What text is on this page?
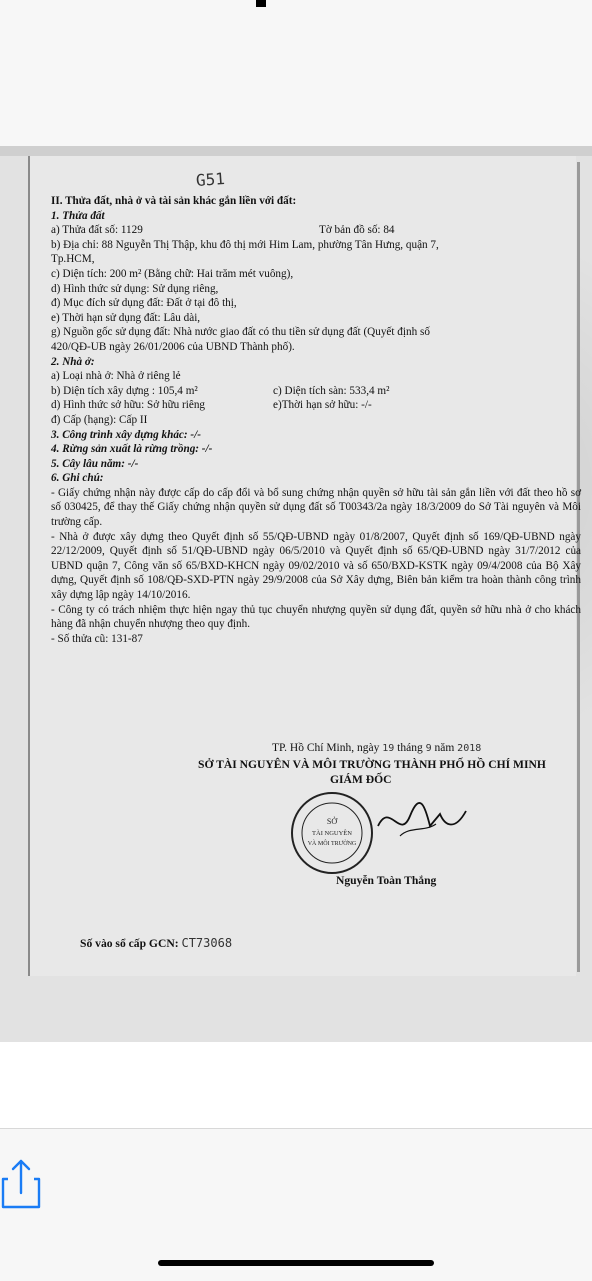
G51
II. Thửa đất, nhà ở và tài sản khác gắn liền với đất:
1. Thửa đất
a) Thửa đất số: 1129	Tờ bản đồ số: 84
b) Địa chỉ: 88 Nguyễn Thị Thập, khu đô thị mới Him Lam, phường Tân Hưng, quận 7,
Tp.HCM,
c) Diện tích: 200 m² (Bằng chữ: Hai trăm mét vuông),
d) Hình thức sử dụng: Sử dụng riêng,
đ) Mục đích sử dụng đất: Đất ở tại đô thị,
e) Thời hạn sử dụng đất: Lâu dài,
g) Nguồn gốc sử dụng đất: Nhà nước giao đất có thu tiền sử dụng đất (Quyết định số
420/QĐ-UB ngày 26/01/2006 của UBND Thành phố).
2. Nhà ở:
a) Loại nhà ở: Nhà ở riêng lẻ
b) Diện tích xây dựng : 105,4 m²	c) Diện tích sàn: 533,4 m²
d) Hình thức sở hữu: Sở hữu riêng	e)Thời hạn sở hữu: -/-
đ) Cấp (hạng): Cấp II
3. Công trình xây dựng khác: -/-
4. Rừng sản xuất là rừng trồng: -/-
5. Cây lâu năm: -/-
6. Ghi chú:
- Giấy chứng nhận này được cấp do cấp đổi và bổ sung chứng nhận quyền sở hữu tài sản gắn liền với đất theo hồ sơ số 030425, để thay thế Giấy chứng nhận quyền sử dụng đất số T00343/2a ngày 18/3/2009 do Sở Tài nguyên và Môi trường cấp.
- Nhà ở được xây dựng theo Quyết định số 55/QĐ-UBND ngày 01/8/2007, Quyết định số 169/QĐ-UBND ngày 22/12/2009, Quyết định số 51/QĐ-UBND ngày 06/5/2010 và Quyết định số 65/QĐ-UBND ngày 31/7/2012 của UBND quận 7, Công văn số 65/BXD-KHCN ngày 09/02/2010 và số 650/BXD-KSTK ngày 09/4/2008 của Bộ Xây dựng, Quyết định số 108/QĐ-SXD-PTN ngày 29/9/2008 của Sở Xây dựng, Biên bản kiểm tra hoàn thành công trình xây dựng lập ngày 14/10/2016.
- Công ty có trách nhiệm thực hiện ngay thủ tục chuyển nhượng quyền sử dụng đất, quyền sở hữu nhà ở cho khách hàng đã nhận chuyển nhượng theo quy định.
- Số thửa cũ: 131-87
TP. Hồ Chí Minh, ngày 19 tháng 9 năm 2018
SỞ TÀI NGUYÊN VÀ MÔI TRƯỜNG THÀNH PHỐ HỒ CHÍ MINH
GIÁM ĐỐC
SỞ
TÀI NGUYÊN
VÀ MÔI TRƯỜNG
Nguyễn Toàn Thắng
Số vào sổ cấp GCN: CT73068
